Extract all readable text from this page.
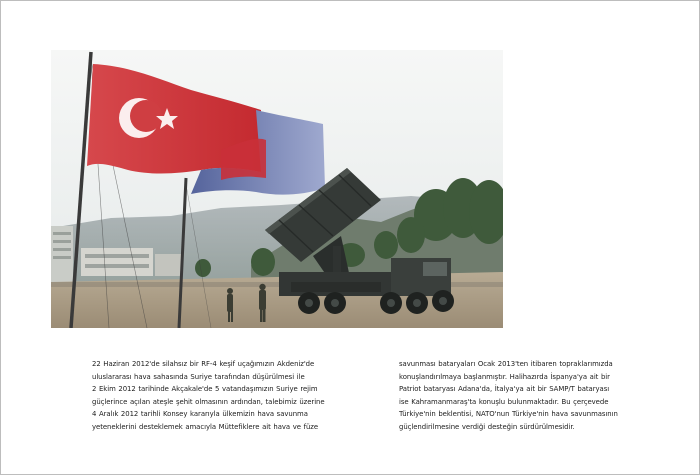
22 Haziran 2012'de silahsız bir RF-4 keşif uçağımızın Akdeniz'de
uluslararası hava sahasında Suriye tarafından düşürülmesi ile
2 Ekim 2012 tarihinde Akçakale'de 5 vatandaşımızın Suriye rejim
güçlerince açılan ateşle şehit olmasının ardından, talebimiz üzerine
4 Aralık 2012 tarihli Konsey kararıyla ülkemizin hava savunma
yeteneklerini desteklemek amacıyla Müttefiklere ait hava ve füze
savunması bataryaları Ocak 2013'ten itibaren topraklarımızda
konuşlandırılmaya başlanmıştır. Halihazırda İspanya'ya ait bir
Patriot bataryası Adana'da, İtalya'ya ait bir SAMP/T bataryası
ise Kahramanmaraş'ta konuşlu bulunmaktadır. Bu çerçevede
Türkiye'nin beklentisi, NATO'nun Türkiye'nin hava savunmasının
güçlendirilmesine verdiği desteğin sürdürülmesidir.
